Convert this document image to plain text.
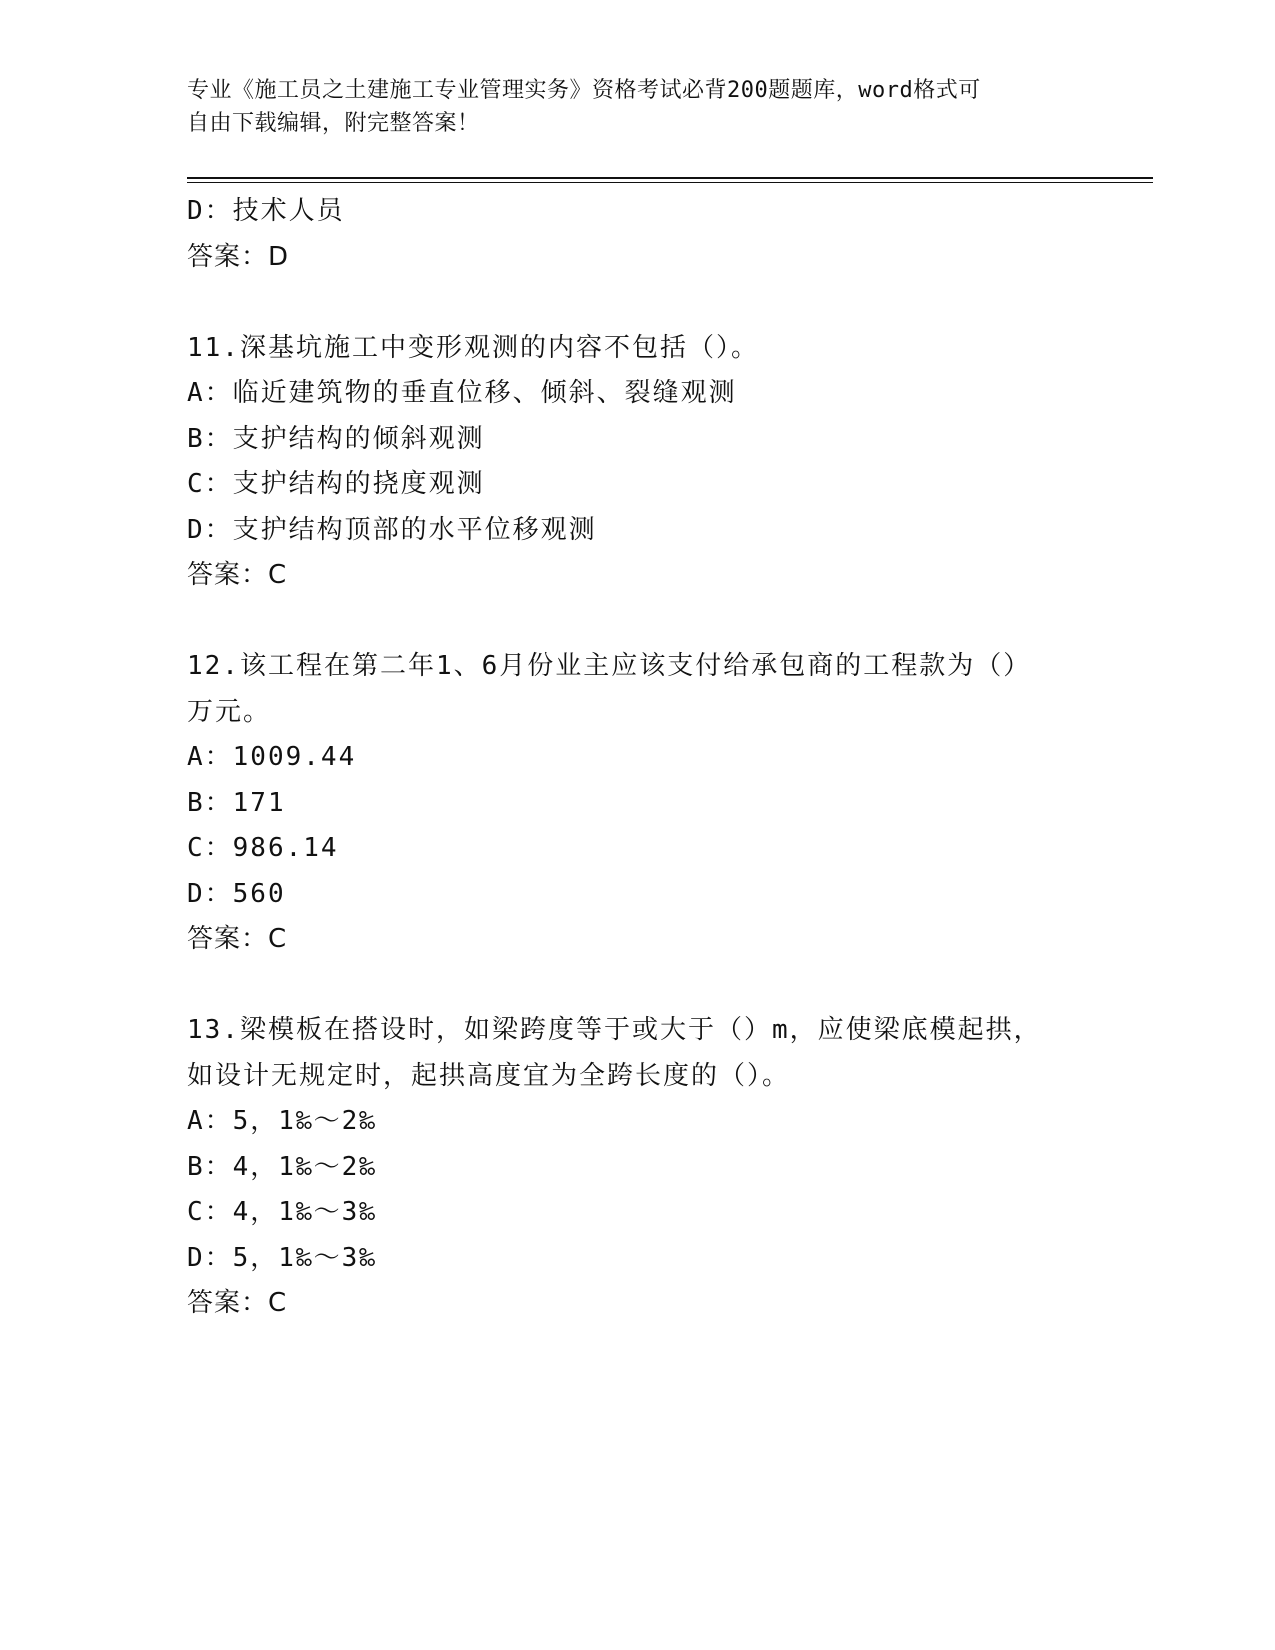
专业《施工员之土建施工专业管理实务》资格考试必背200题题库，word格式可
自由下载编辑，附完整答案！
D：技术人员
答案：D
11.深基坑施工中变形观测的内容不包括（）。
A：临近建筑物的垂直位移、倾斜、裂缝观测
B：支护结构的倾斜观测
C：支护结构的挠度观测
D：支护结构顶部的水平位移观测
答案：C
12.该工程在第二年1、6月份业主应该支付给承包商的工程款为（）
万元。
A：1009.44
B：171
C：986.14
D：560
答案：C
13.梁模板在搭设时，如梁跨度等于或大于（）m，应使梁底模起拱，
如设计无规定时，起拱高度宜为全跨长度的（）。
A：5，1‰～2‰
B：4，1‰～2‰
C：4，1‰～3‰
D：5，1‰～3‰
答案：C
